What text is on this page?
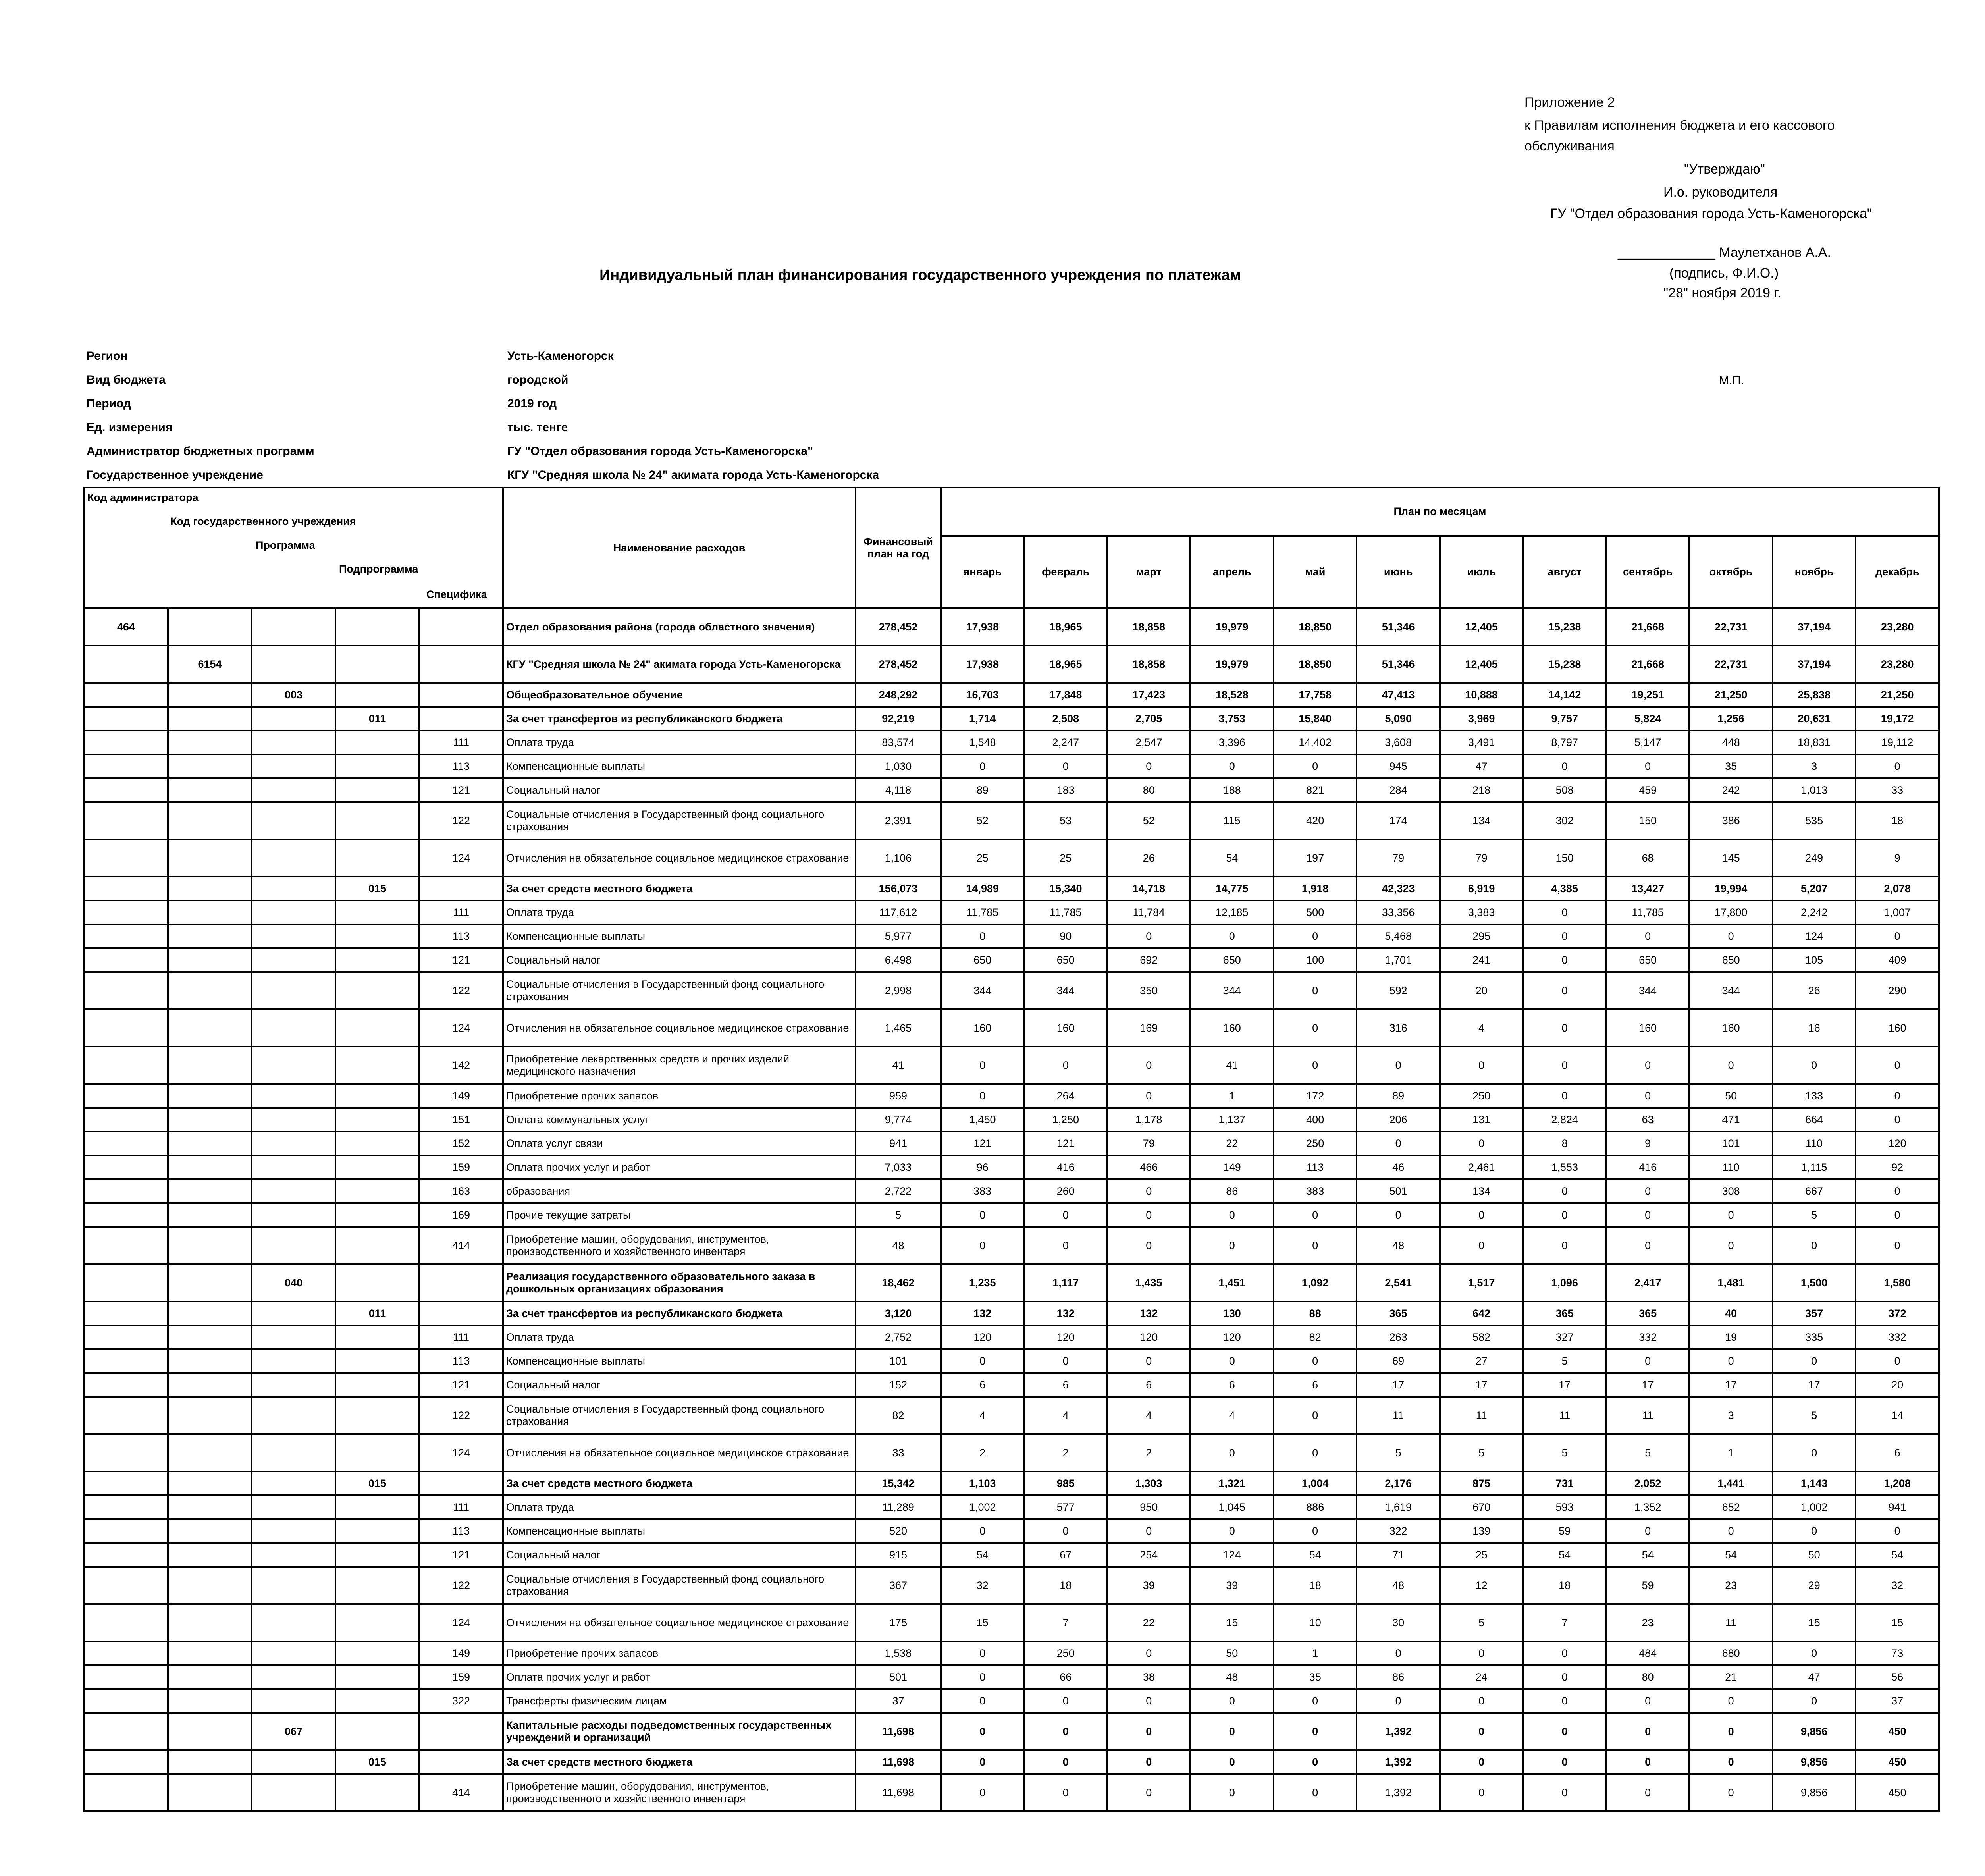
Приложение 2
к Правилам исполнения бюджета и его кассового
обслуживания
"Утверждаю"
И.о. руководителя
ГУ "Отдел образования города Усть-Каменогорска"
_____________ Маулетханов А.А.
(подпись, Ф.И.О.)
"28" ноября 2019 г.
М.П.
Индивидуальный план финансирования государственного учреждения по платежам
Регион	Усть-Каменогорск
Вид бюджета	городской
Период	2019 год
Ед. измерения	тыс. тенге
Администратор бюджетных программ	ГУ "Отдел образования города Усть-Каменогорска"
Государственное учреждение	КГУ "Средняя школа № 24" акимата города Усть-Каменогорска
Код администратора
Код государственного учреждения
Программа
Подпрограмма
Специфика					Наименование расходов	Финансовый план на год	План по месяцам											
							январь	февраль	март	апрель	май	июнь	июль	август	сентябрь	октябрь	ноябрь	декабрь
464					Отдел образования района (города областного значения)	278,452	17,938	18,965	18,858	19,979	18,850	51,346	12,405	15,238	21,668	22,731	37,194	23,280
	6154				КГУ "Средняя школа № 24" акимата города Усть-Каменогорска	278,452	17,938	18,965	18,858	19,979	18,850	51,346	12,405	15,238	21,668	22,731	37,194	23,280
		003			Общеобразовательное обучение	248,292	16,703	17,848	17,423	18,528	17,758	47,413	10,888	14,142	19,251	21,250	25,838	21,250
			011		За счет трансфертов из республиканского бюджета	92,219	1,714	2,508	2,705	3,753	15,840	5,090	3,969	9,757	5,824	1,256	20,631	19,172
				111	Оплата труда	83,574	1,548	2,247	2,547	3,396	14,402	3,608	3,491	8,797	5,147	448	18,831	19,112
				113	Компенсационные выплаты	1,030	0	0	0	0	0	945	47	0	0	35	3	0
				121	Социальный налог	4,118	89	183	80	188	821	284	218	508	459	242	1,013	33
				122	Социальные отчисления в Государственный фонд социального страхования	2,391	52	53	52	115	420	174	134	302	150	386	535	18
				124	Отчисления на обязательное социальное медицинское страхование	1,106	25	25	26	54	197	79	79	150	68	145	249	9
			015		За счет средств местного бюджета	156,073	14,989	15,340	14,718	14,775	1,918	42,323	6,919	4,385	13,427	19,994	5,207	2,078
				111	Оплата труда	117,612	11,785	11,785	11,784	12,185	500	33,356	3,383	0	11,785	17,800	2,242	1,007
				113	Компенсационные выплаты	5,977	0	90	0	0	0	5,468	295	0	0	0	124	0
				121	Социальный налог	6,498	650	650	692	650	100	1,701	241	0	650	650	105	409
				122	Социальные отчисления в Государственный фонд социального страхования	2,998	344	344	350	344	0	592	20	0	344	344	26	290
				124	Отчисления на обязательное социальное медицинское страхование	1,465	160	160	169	160	0	316	4	0	160	160	16	160
				142	Приобретение лекарственных средств и прочих изделий медицинского назначения	41	0	0	0	41	0	0	0	0	0	0	0	0
				149	Приобретение прочих запасов	959	0	264	0	1	172	89	250	0	0	50	133	0
				151	Оплата коммунальных услуг	9,774	1,450	1,250	1,178	1,137	400	206	131	2,824	63	471	664	0
				152	Оплата услуг связи	941	121	121	79	22	250	0	0	8	9	101	110	120
				159	Оплата прочих услуг и работ	7,033	96	416	466	149	113	46	2,461	1,553	416	110	1,115	92
				163	образования	2,722	383	260	0	86	383	501	134	0	0	308	667	0
				169	Прочие текущие затраты	5	0	0	0	0	0	0	0	0	0	0	5	0
				414	Приобретение машин, оборудования, инструментов, производственного и хозяйственного инвентаря	48	0	0	0	0	0	48	0	0	0	0	0	0
		040			Реализация государственного образовательного заказа в дошкольных организациях образования	18,462	1,235	1,117	1,435	1,451	1,092	2,541	1,517	1,096	2,417	1,481	1,500	1,580
			011		За счет трансфертов из республиканского бюджета	3,120	132	132	132	130	88	365	642	365	365	40	357	372
				111	Оплата труда	2,752	120	120	120	120	82	263	582	327	332	19	335	332
				113	Компенсационные выплаты	101	0	0	0	0	0	69	27	5	0	0	0	0
				121	Социальный налог	152	6	6	6	6	6	17	17	17	17	17	17	20
				122	Социальные отчисления в Государственный фонд социального страхования	82	4	4	4	4	0	11	11	11	11	3	5	14
				124	Отчисления на обязательное социальное медицинское страхование	33	2	2	2	0	0	5	5	5	5	1	0	6
			015		За счет средств местного бюджета	15,342	1,103	985	1,303	1,321	1,004	2,176	875	731	2,052	1,441	1,143	1,208
				111	Оплата труда	11,289	1,002	577	950	1,045	886	1,619	670	593	1,352	652	1,002	941
				113	Компенсационные выплаты	520	0	0	0	0	0	322	139	59	0	0	0	0
				121	Социальный налог	915	54	67	254	124	54	71	25	54	54	54	50	54
				122	Социальные отчисления в Государственный фонд социального страхования	367	32	18	39	39	18	48	12	18	59	23	29	32
				124	Отчисления на обязательное социальное медицинское страхование	175	15	7	22	15	10	30	5	7	23	11	15	15
				149	Приобретение прочих запасов	1,538	0	250	0	50	1	0	0	0	484	680	0	73
				159	Оплата прочих услуг и работ	501	0	66	38	48	35	86	24	0	80	21	47	56
				322	Трансферты физическим лицам	37	0	0	0	0	0	0	0	0	0	0	0	37
		067			Капитальные расходы подведомственных государственных учреждений и организаций	11,698	0	0	0	0	0	1,392	0	0	0	0	9,856	450
			015		За счет средств местного бюджета	11,698	0	0	0	0	0	1,392	0	0	0	0	9,856	450
				414	Приобретение машин, оборудования, инструментов, производственного и хозяйственного инвентаря	11,698	0	0	0	0	0	1,392	0	0	0	0	9,856	450
